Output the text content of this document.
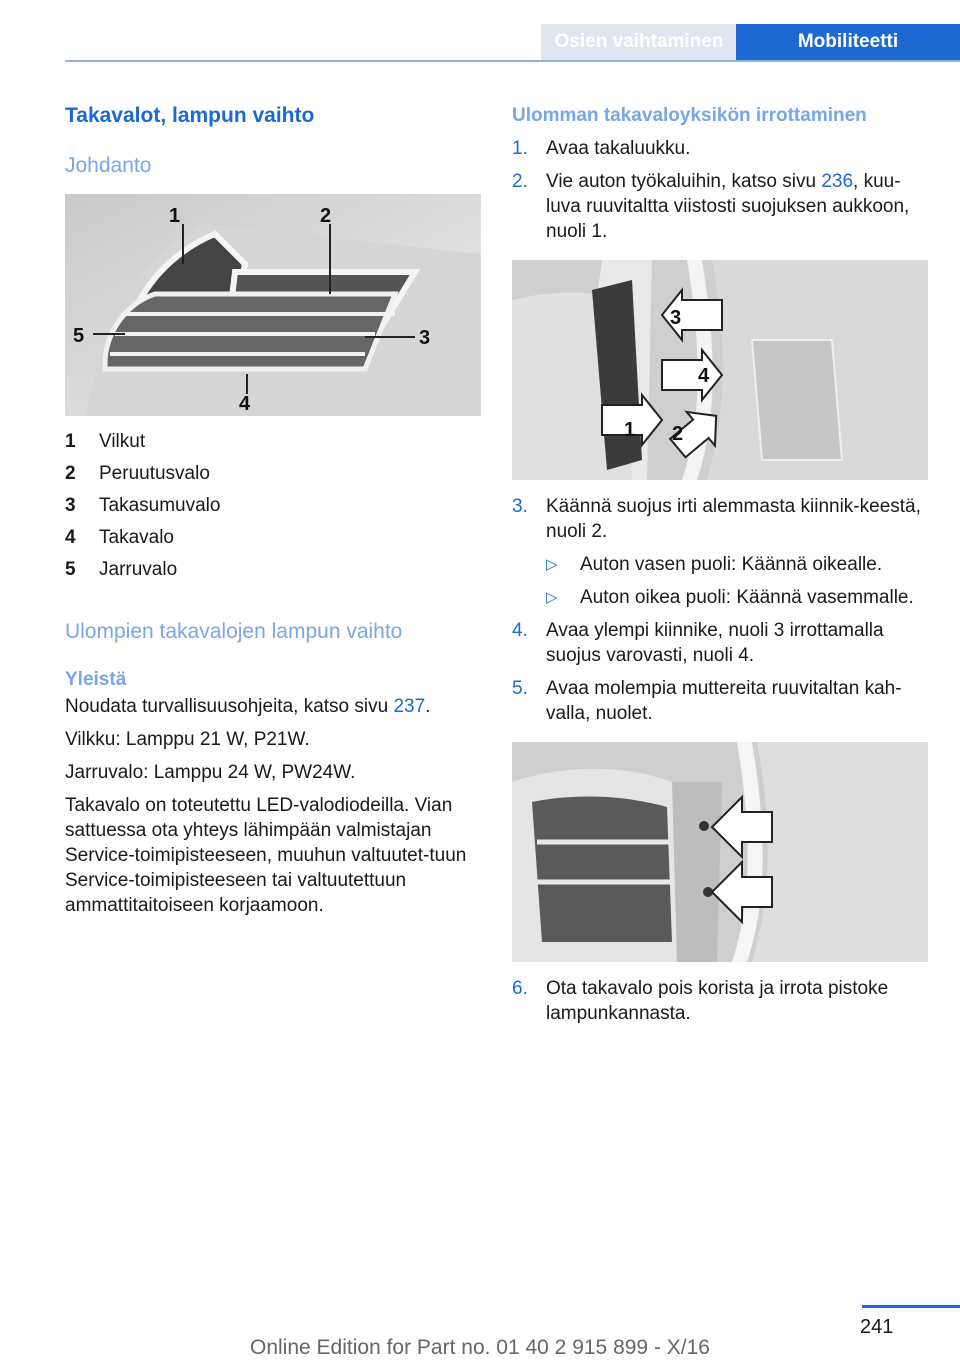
Osien vaihtaminen	Mobiliteetti
Takavalot, lampun vaihto
Johdanto
1	2
3
4
5
1	Vilkut
2	Peruutusvalo
3	Takasumuvalo
4	Takavalo
5	Jarruvalo
Ulompien takavalojen lampun vaihto
Yleistä

Noudata turvallisuusohjeita, katso sivu 237.

Vilkku: Lamppu 21 W, P21W.

Jarruvalo: Lamppu 24 W, PW24W.

Takavalo on toteutettu LED-valodiodeilla. Vian sattuessa ota yhteys lähimpään valmistajan Service-toimipisteeseen, muuhun valtuutet-tuun Service-toimipisteeseen tai valtuutettuun ammattitaitoiseen korjaamoon.

Ulomman takavaloyksikön irrottaminen
1. Avaa takaluukku.
2. Vie auton työkaluihin, katso sivu 236, kuu-luva ruuvitaltta viistosti suojuksen aukkoon, nuoli 1.
3
4
1 2
3. Käännä suojus irti alemmasta kiinnik-keestä, nuoli 2.
▷	Auton vasen puoli: Käännä oikealle.
▷	Auton oikea puoli: Käännä vasemmalle.
4. Avaa ylempi kiinnike, nuoli 3 irrottamalla suojus varovasti, nuoli 4.
5. Avaa molempia muttereita ruuvitaltan kah-valla, nuolet.
6. Ota takavalo pois korista ja irrota pistoke lampunkannasta.
241
Online Edition for Part no. 01 40 2 915 899 - X/16
